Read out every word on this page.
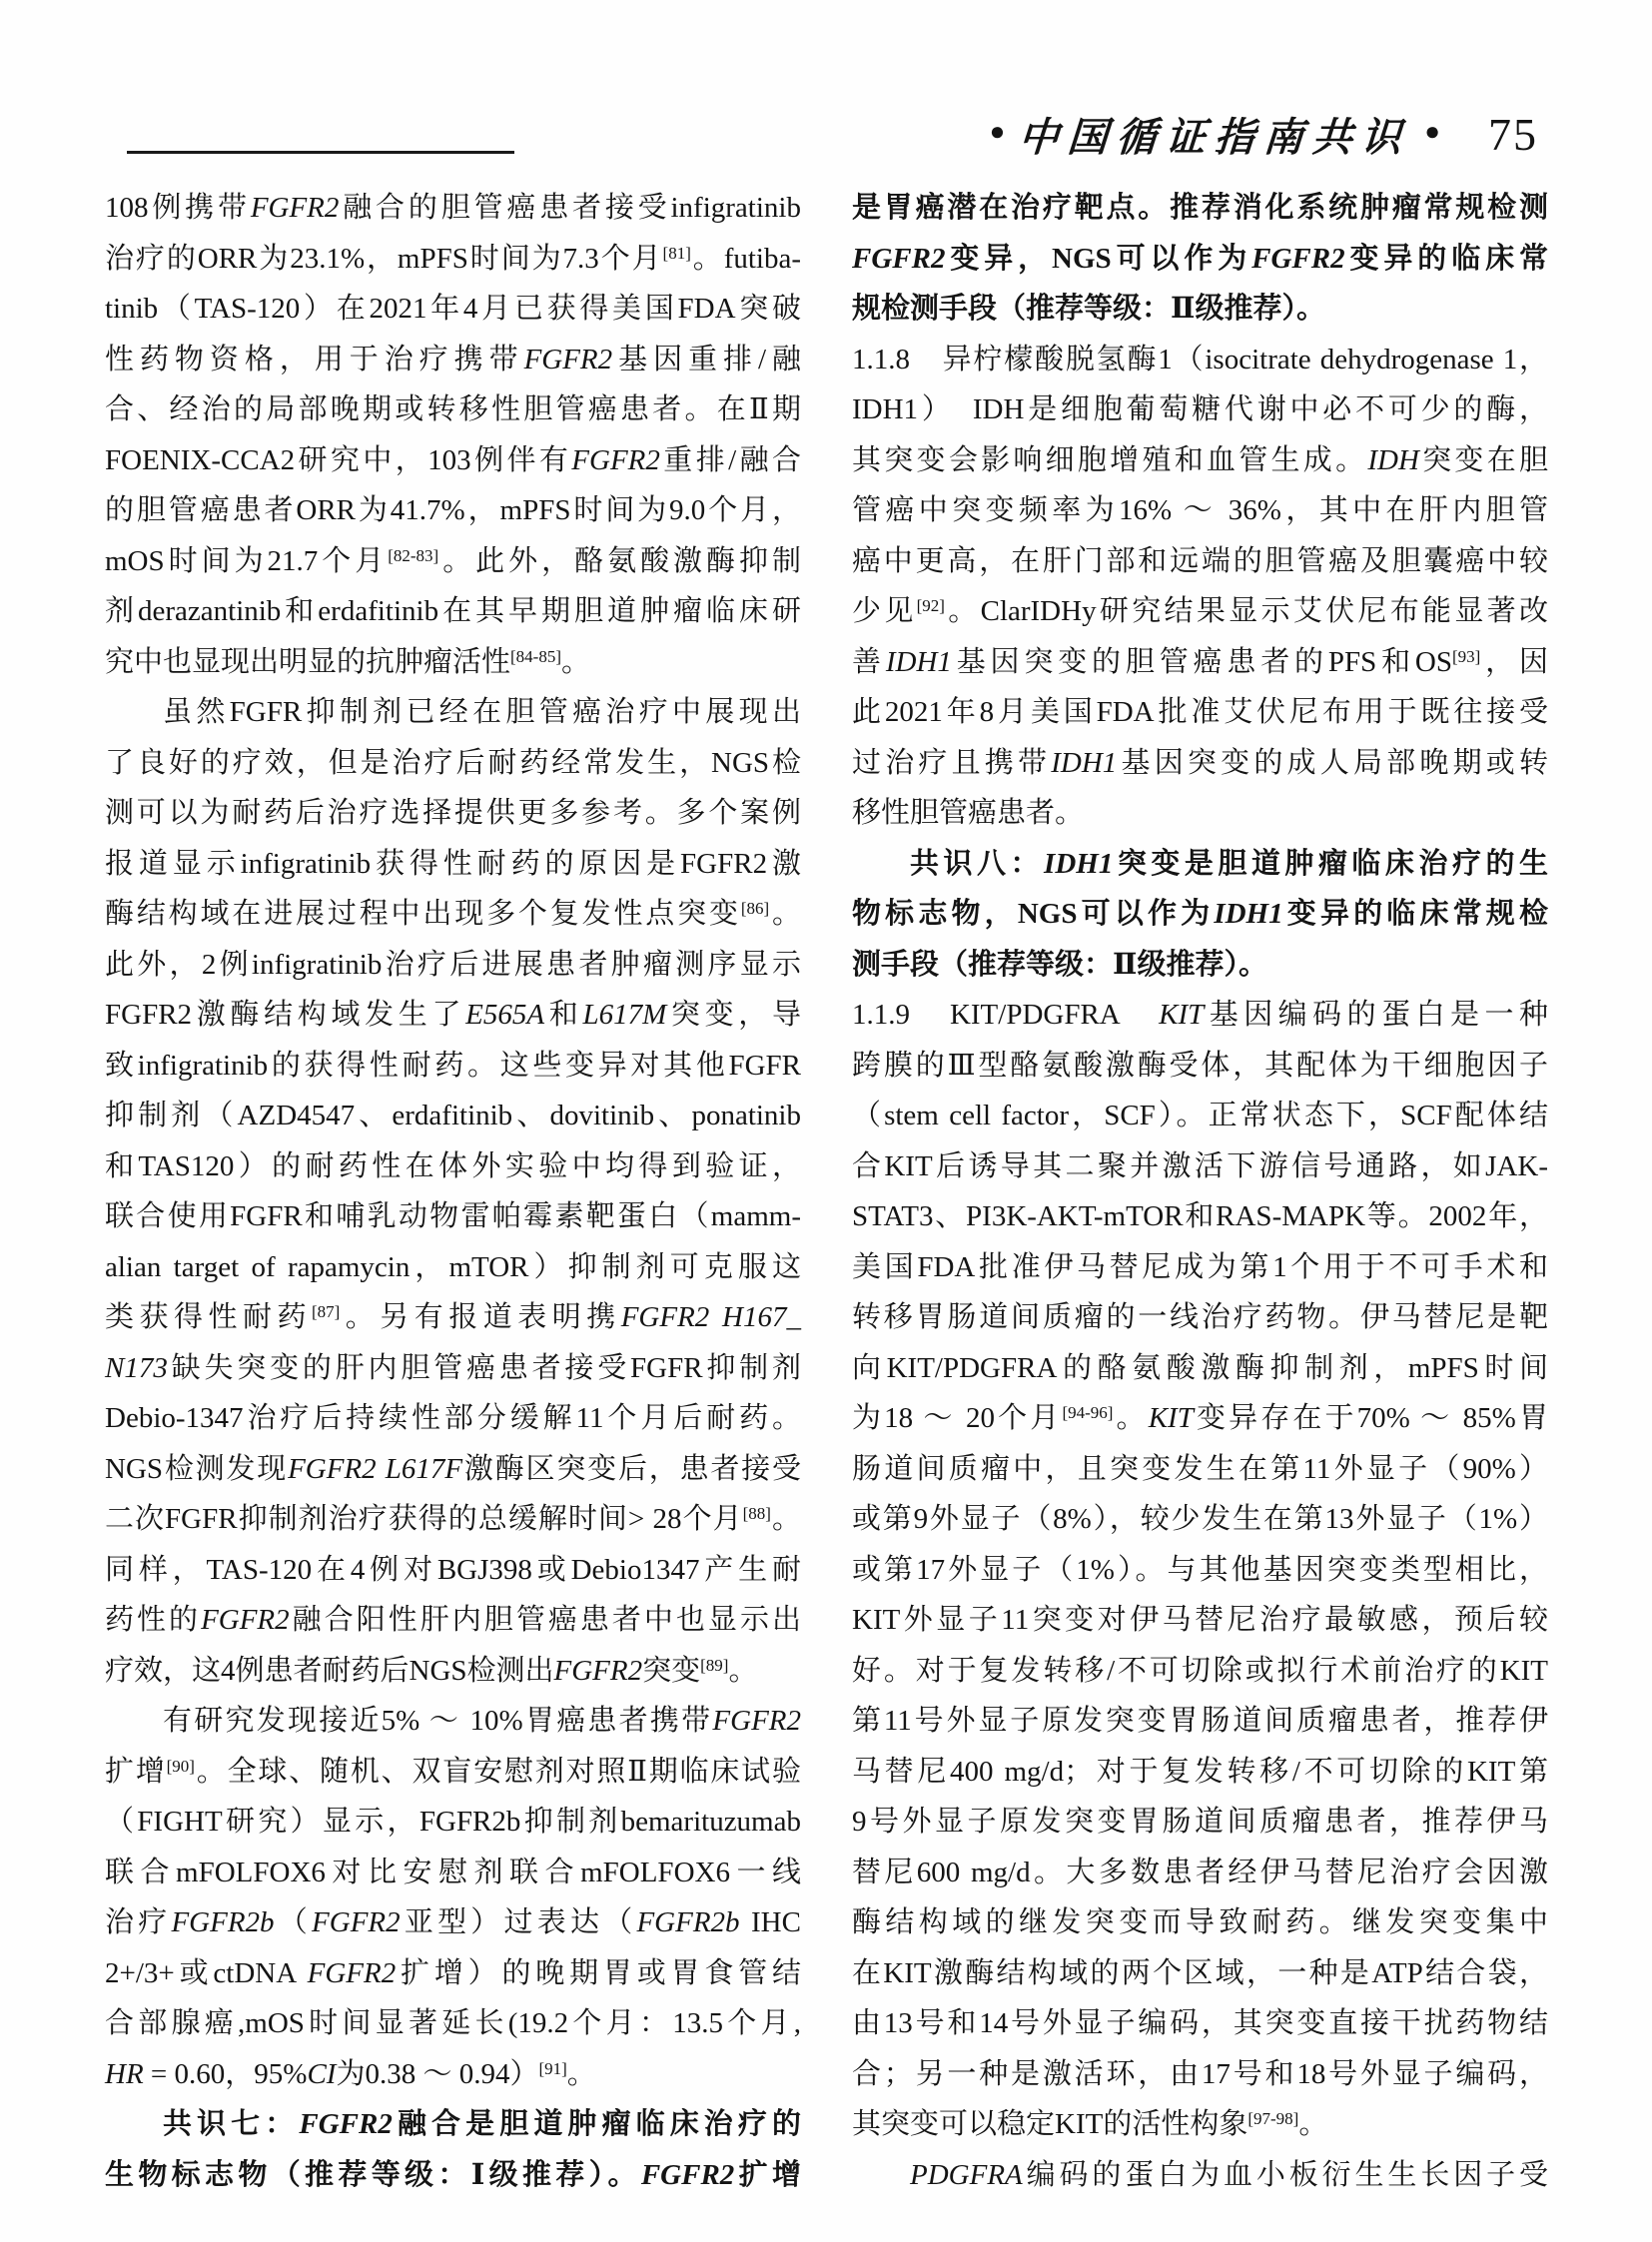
● 中国循证指南共识 ● 75
108例携带FGFR2融合的胆管癌患者接受infigratinib
治疗的ORR为23.1%，mPFS时间为7.3个月[81]。futiba-
tinib（TAS-120）在2021年4月已获得美国FDA突破
性药物资格，用于治疗携带FGFR2基因重排/融
合、经治的局部晚期或转移性胆管癌患者。在Ⅱ期
FOENIX-CCA2研究中，103例伴有FGFR2重排/融合
的胆管癌患者ORR为41.7%，mPFS时间为9.0个月，
mOS时间为21.7个月[82-83]。此外，酪氨酸激酶抑制
剂derazantinib和erdafitinib在其早期胆道肿瘤临床研
究中也显现出明显的抗肿瘤活性[84-85]。
虽然FGFR抑制剂已经在胆管癌治疗中展现出
了良好的疗效，但是治疗后耐药经常发生，NGS检
测可以为耐药后治疗选择提供更多参考。多个案例
报道显示infigratinib获得性耐药的原因是FGFR2激
酶结构域在进展过程中出现多个复发性点突变[86]。
此外，2例infigratinib治疗后进展患者肿瘤测序显示
FGFR2激酶结构域发生了E565A和L617M突变，导
致infigratinib的获得性耐药。这些变异对其他FGFR
抑制剂（AZD4547、erdafitinib、dovitinib、ponatinib
和TAS120）的耐药性在体外实验中均得到验证，
联合使用FGFR和哺乳动物雷帕霉素靶蛋白（mamm-
alian target of rapamycin，mTOR）抑制剂可克服这
类获得性耐药[87]。另有报道表明携FGFR2 H167_
N173缺失突变的肝内胆管癌患者接受FGFR抑制剂
Debio-1347治疗后持续性部分缓解11个月后耐药。
NGS检测发现FGFR2 L617F激酶区突变后，患者接受
二次FGFR抑制剂治疗获得的总缓解时间> 28个月[88]。
同样，TAS-120在4例对BGJ398或Debio1347产生耐
药性的FGFR2融合阳性肝内胆管癌患者中也显示出
疗效，这4例患者耐药后NGS检测出FGFR2突变[89]。
有研究发现接近5% ～ 10%胃癌患者携带FGFR2
扩增[90]。全球、随机、双盲安慰剂对照Ⅱ期临床试验
（FIGHT研究）显示，FGFR2b抑制剂bemarituzumab
联合mFOLFOX6对比安慰剂联合mFOLFOX6一线
治疗FGFR2b（FGFR2亚型）过表达（FGFR2b IHC
2+/3+或ctDNA FGFR2扩增）的晚期胃或胃食管结
合部腺癌,mOS时间显著延长(19.2个月：13.5个月,
HR = 0.60，95%CI为0.38 ～ 0.94）[91]。
共识七：FGFR2融合是胆道肿瘤临床治疗的
生物标志物（推荐等级：Ⅰ级推荐）。FGFR2扩增
是胃癌潜在治疗靶点。推荐消化系统肿瘤常规检测
FGFR2变异，NGS可以作为FGFR2变异的临床常
规检测手段（推荐等级：Ⅱ级推荐）。
1.1.8　异柠檬酸脱氢酶1（isocitrate dehydrogenase 1，
IDH1）　IDH是细胞葡萄糖代谢中必不可少的酶，
其突变会影响细胞增殖和血管生成。IDH突变在胆
管癌中突变频率为16% ～ 36%，其中在肝内胆管
癌中更高，在肝门部和远端的胆管癌及胆囊癌中较
少见[92]。ClarIDHy研究结果显示艾伏尼布能显著改
善IDH1基因突变的胆管癌患者的PFS和OS[93]，因
此2021年8月美国FDA批准艾伏尼布用于既往接受
过治疗且携带IDH1基因突变的成人局部晚期或转
移性胆管癌患者。
共识八：IDH1突变是胆道肿瘤临床治疗的生
物标志物，NGS可以作为IDH1变异的临床常规检
测手段（推荐等级：Ⅱ级推荐）。
1.1.9　KIT/PDGFRA　KIT基因编码的蛋白是一种
跨膜的Ⅲ型酪氨酸激酶受体，其配体为干细胞因子
（stem cell factor，SCF）。正常状态下，SCF配体结
合KIT后诱导其二聚并激活下游信号通路，如JAK-
STAT3、PI3K-AKT-mTOR和RAS-MAPK等。2002年，
美国FDA批准伊马替尼成为第1个用于不可手术和
转移胃肠道间质瘤的一线治疗药物。伊马替尼是靶
向KIT/PDGFRA的酪氨酸激酶抑制剂，mPFS时间
为18 ～ 20个月[94-96]。KIT变异存在于70% ～ 85%胃
肠道间质瘤中，且突变发生在第11外显子（90%）
或第9外显子（8%），较少发生在第13外显子（1%）
或第17外显子（1%）。与其他基因突变类型相比，
KIT外显子11突变对伊马替尼治疗最敏感，预后较
好。对于复发转移/不可切除或拟行术前治疗的KIT
第11号外显子原发突变胃肠道间质瘤患者，推荐伊
马替尼400 mg/d；对于复发转移/不可切除的KIT第
9号外显子原发突变胃肠道间质瘤患者，推荐伊马
替尼600 mg/d。大多数患者经伊马替尼治疗会因激
酶结构域的继发突变而导致耐药。继发突变集中
在KIT激酶结构域的两个区域，一种是ATP结合袋，
由13号和14号外显子编码，其突变直接干扰药物结
合；另一种是激活环，由17号和18号外显子编码，
其突变可以稳定KIT的活性构象[97-98]。
PDGFRA编码的蛋白为血小板衍生生长因子受
